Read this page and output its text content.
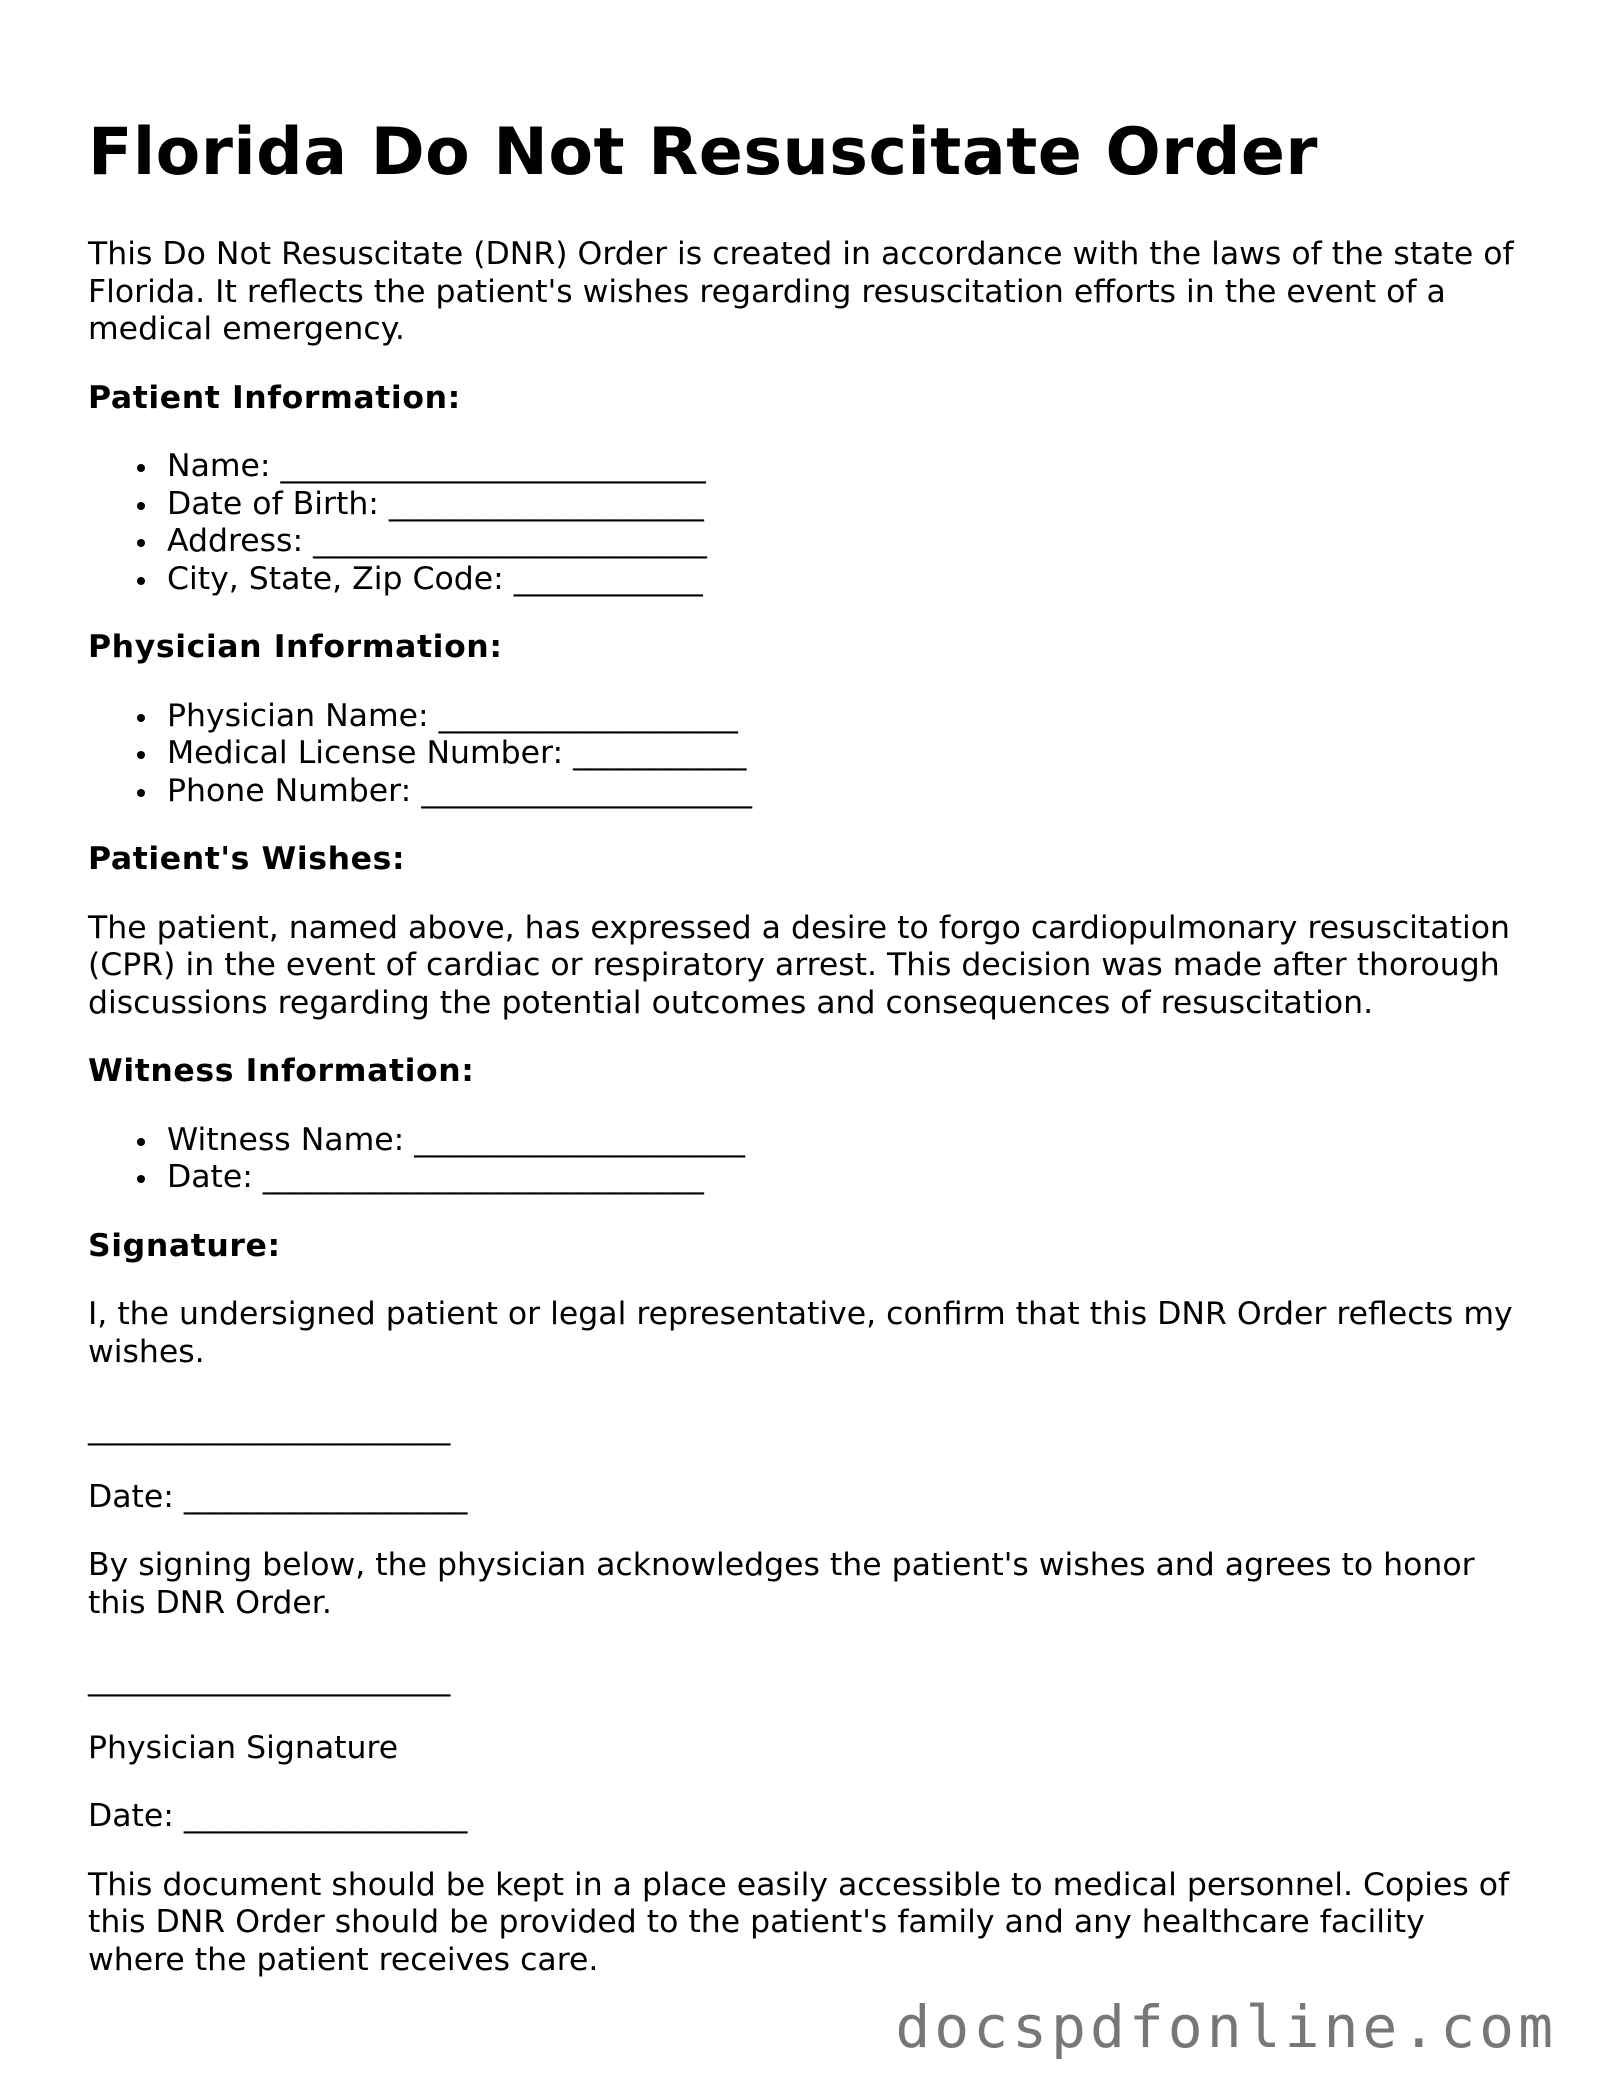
Florida Do Not Resuscitate Order

This Do Not Resuscitate (DNR) Order is created in accordance with the laws of the state of Florida. It reflects the patient's wishes regarding resuscitation efforts in the event of a medical emergency.

Patient Information:
Name: ___________________________
Date of Birth: ____________________
Address: _________________________
City, State, Zip Code: ____________
Physician Information:
Physician Name: ___________________
Medical License Number: ___________
Phone Number: _____________________
Patient's Wishes:

The patient, named above, has expressed a desire to forgo cardiopulmonary resuscitation (CPR) in the event of cardiac or respiratory arrest. This decision was made after thorough discussions regarding the potential outcomes and consequences of resuscitation.

Witness Information:
Witness Name: _____________________
Date: ____________________________
Signature:

I, the undersigned patient or legal representative, confirm that this DNR Order reflects my wishes.

_______________________

Date: __________________

By signing below, the physician acknowledges the patient's wishes and agrees to honor this DNR Order.

_______________________

Physician Signature

Date: __________________

This document should be kept in a place easily accessible to medical personnel. Copies of this DNR Order should be provided to the patient's family and any healthcare facility where the patient receives care.

docspdfonline.com
